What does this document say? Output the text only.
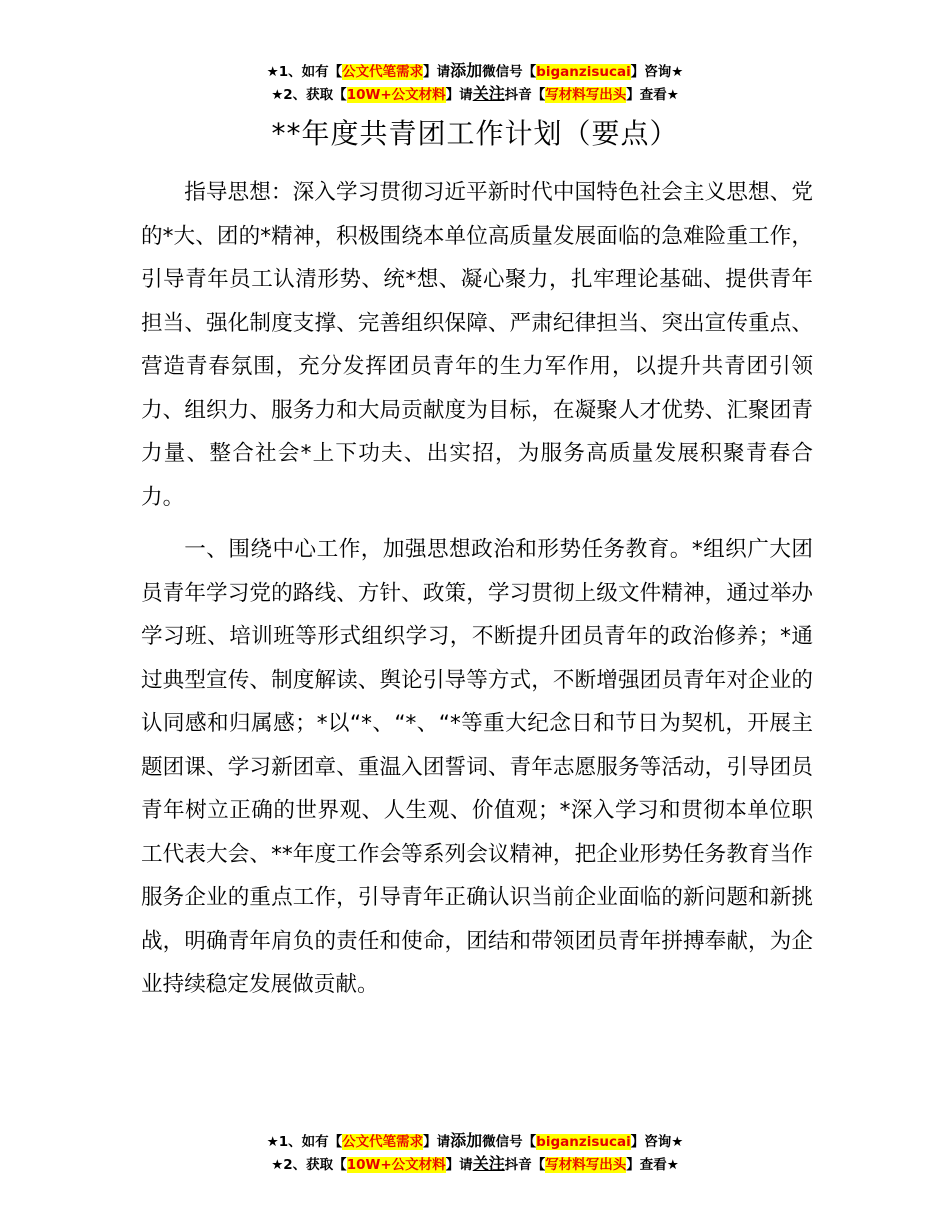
★1、如有【公文代笔需求】请添加微信号【biganzisucai】咨询★
★2、获取【10W+公文材料】请关注抖音【写材料写出头】查看★
**年度共青团工作计划（要点）

指导思想：深入学习贯彻习近平新时代中国特色社会主义思想、党的*大、团的*精神，积极围绕本单位高质量发展面临的急难险重工作，引导青年员工认清形势、统*想、凝心聚力，扎牢理论基础、提供青年担当、强化制度支撑、完善组织保障、严肃纪律担当、突出宣传重点、营造青春氛围，充分发挥团员青年的生力军作用，以提升共青团引领力、组织力、服务力和大局贡献度为目标，在凝聚人才优势、汇聚团青力量、整合社会*上下功夫、出实招，为服务高质量发展积聚青春合力。

一、围绕中心工作，加强思想政治和形势任务教育。*组织广大团员青年学习党的路线、方针、政策，学习贯彻上级文件精神，通过举办学习班、培训班等形式组织学习，不断提升团员青年的政治修养；*通过典型宣传、制度解读、舆论引导等方式，不断增强团员青年对企业的认同感和归属感；*以“*、“*、“*等重大纪念日和节日为契机，开展主题团课、学习新团章、重温入团誓词、青年志愿服务等活动，引导团员青年树立正确的世界观、人生观、价值观；*深入学习和贯彻本单位职工代表大会、**年度工作会等系列会议精神，把企业形势任务教育当作服务企业的重点工作，引导青年正确认识当前企业面临的新问题和新挑战，明确青年肩负的责任和使命，团结和带领团员青年拼搏奉献，为企业持续稳定发展做贡献。

★1、如有【公文代笔需求】请添加微信号【biganzisucai】咨询★
★2、获取【10W+公文材料】请关注抖音【写材料写出头】查看★
